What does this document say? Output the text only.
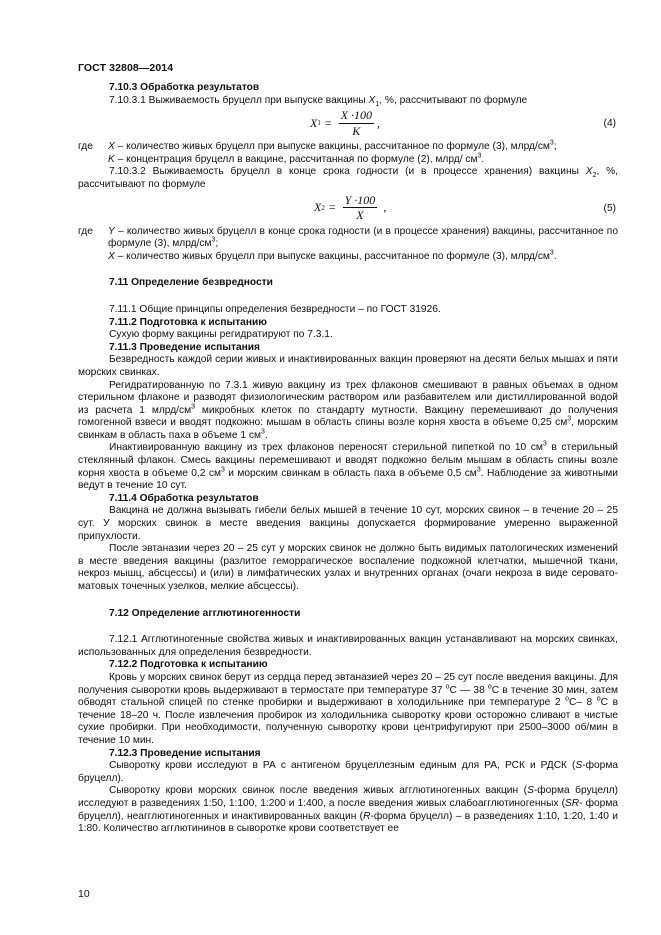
ГОСТ 32808—2014

7.10.3 Обработка результатов

7.10.3.1 Выживаемость бруцелл при выпуске вакцины $X_1$, %, рассчитывают по формуле

X $1 = \frac{X \cdot 100}{K}$ ,	(4)
где	X – количество живых бруцелл при выпуске вакцины, рассчитанное по формуле (3), млрд/$см^3$;
K – концентрация бруцелл в вакцине, рассчитанная по формуле (2), млрд/ $см^3$.

7.10.3.2 Выживаемость бруцелл в конце срока годности (и в процессе хранения) вакцины $X_2$, %, рассчитывают по формуле

X $2 = \frac{Y \cdot 100}{X}$ ,	(5)
где	Y – количество живых бруцелл в конце срока годности (и в процессе хранения) вакцины, рассчитанное по формуле (3), млрд/$см^3$;
X – количество живых бруцелл при выпуске вакцины, рассчитанное по формуле (3), млрд/$см^3$.

7.11 Определение безвредности

7.11.1 Общие принципы определения безвредности – по ГОСТ 31926.

7.11.2 Подготовка к испытанию

Сухую форму вакцины регидратируют по 7.3.1.

7.11.3 Проведение испытания

Безвредность каждой серии живых и инактивированных вакцин проверяют на десяти белых мышах и пяти морских свинках.

Регидратированную по 7.3.1 живую вакцину из трех флаконов смешивают в равных объемах в одном стерильном флаконе и разводят физиологическим раствором или разбавителем или дистиллированной водой из расчета 1 млрд/$см^3$ микробных клеток по стандарту мутности. Вакцину перемешивают до получения гомогенной взвеси и вводят подкожно: мышам в область спины возле корня хвоста в объеме 0,25 $см^3$, морским свинкам в область паха в объеме 1 $см^3$.

Инактивированную вакцину из трех флаконов переносят стерильной пипеткой по 10 $см^3$ в стерильный стеклянный флакон. Смесь вакцины перемешивают и вводят подкожно белым мышам в область спины возле корня хвоста в объеме 0,2 $см^3$ и морским свинкам в область паха в объеме 0,5 $см^3$. Наблюдение за животными ведут в течение 10 сут.

7.11.4 Обработка результатов

Вакцина не должна вызывать гибели белых мышей в течение 10 сут, морских свинок – в течение 20 – 25 сут. У морских свинок в месте введения вакцины допускается формирование умеренно выраженной припухлости.

После эвтаназии через 20 – 25 сут у морских свинок не должно быть видимых патологических изменений в месте введения вакцины (разлитое геморрагическое воспаление подкожной клетчатки, мышечной ткани, некроз мышц, абсцессы) и (или) в лимфатических узлах и внутренних органах (очаги некроза в виде серовато-матовых точечных узелков, мелкие абсцессы).

7.12 Определение агглютиногенности

7.12.1 Агглютиногенные свойства живых и инактивированных вакцин устанавливают на морских свинках, использованных для определения безвредности.

7.12.2 Подготовка к испытанию

Кровь у морских свинок берут из сердца перед эвтаназией через 20 – 25 сут после введения вакцины. Для получения сыворотки кровь выдерживают в термостате при температуре 37 $^о$С — 38 $^о$С в течение 30 мин, затем обводят стальной спицей по стенке пробирки и выдерживают в холодильнике при температуре 2 $^о$С– 8 $^о$С в течение 18–20 ч. После извлечения пробирок из холодильника сыворотку крови осторожно сливают в чистые сухие пробирки. При необходимости, полученную сыворотку крови центрифугируют при 2500–3000 об/мин в течение 10 мин.

7.12.3 Проведение испытания

Сыворотку крови исследуют в РА с антигеном бруцеллезным единым для РА, РСК и РДСК (S-форма бруцелл).

Сыворотку крови морских свинок после введения живых агглютиногенных вакцин (S-форма бруцелл) исследуют в разведениях 1:50, 1:100, 1:200 и 1:400, а после введения живых слабоагглютиногенных (SR- форма бруцелл), неагглютиногенных и инактивированных вакцин (R-форма бруцелл) – в разведениях 1:10, 1:20, 1:40 и 1:80. Количество агглютининов в сыворотке крови соответствует ее

10
